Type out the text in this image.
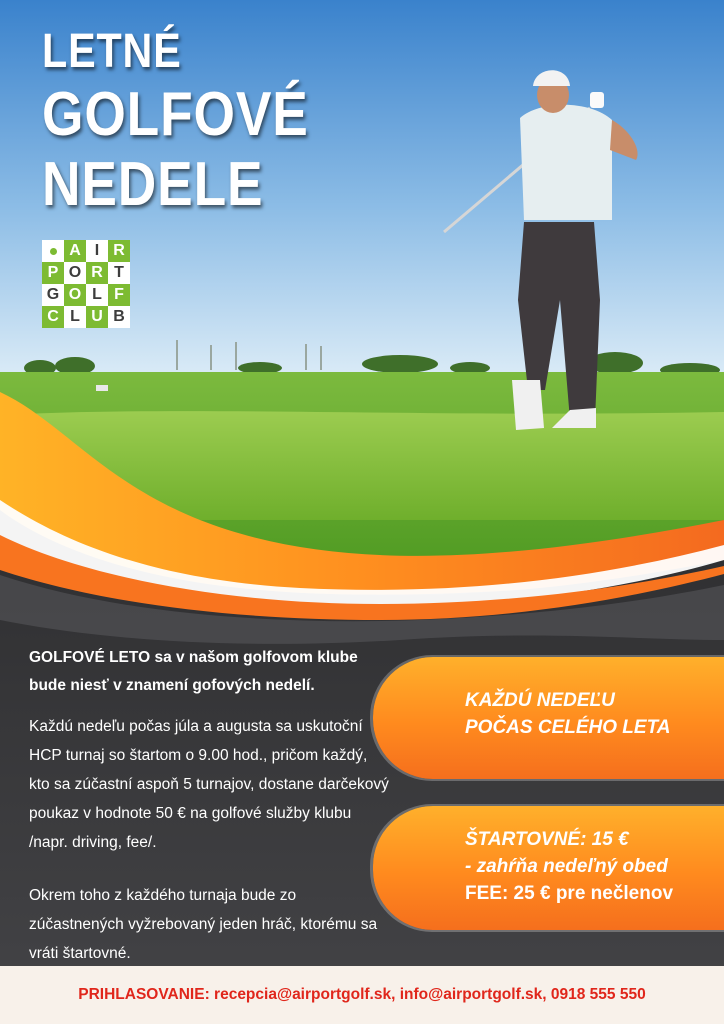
LETNÉ
GOLFOVÉ
NEDELE
A I R
P O R T
G O L F
C L U B

GOLFOVÉ LETO sa v našom golfovom klube bude niesť v znamení gofových nedelí.

Každú nedeľu počas júla a augusta sa uskutoční HCP turnaj so štartom o 9.00 hod., pričom každý, kto sa zúčastní aspoň 5 turnajov, dostane darčekový poukaz v hodnote 50 € na golfové služby klubu /napr. driving, fee/.

Okrem toho z každého turnaja bude zo zúčastnených vyžrebovaný jeden hráč, ktorému sa vráti štartovné.

KAŽDÚ NEDEĽU
POČAS CELÉHO LETA
ŠTARTOVNÉ: 15 €
- zahŕňa nedeľný obed
FEE: 25 € pre nečlenov
PRIHLASOVANIE: recepcia@airportgolf.sk, info@airportgolf.sk, 0918 555 550
